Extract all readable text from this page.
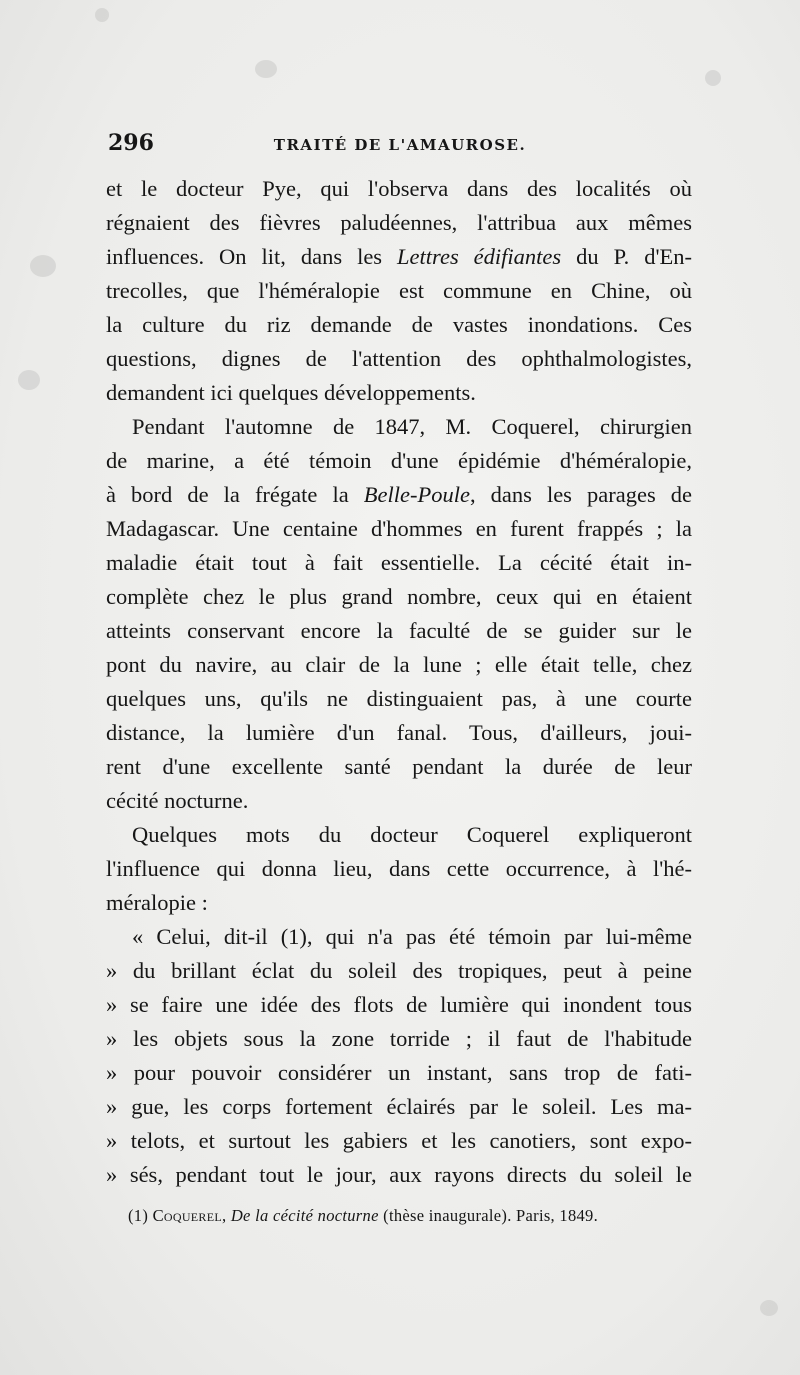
296	TRAITÉ DE L'AMAUROSE.
et le docteur Pye, qui l'observa dans des localités où
régnaient des fièvres paludéennes, l'attribua aux mêmes
influences. On lit, dans les Lettres édifiantes du P. d'En-
trecolles, que l'héméralopie est commune en Chine, où
la culture du riz demande de vastes inondations. Ces
questions, dignes de l'attention des ophthalmologistes,
demandent ici quelques développements.
Pendant l'automne de 1847, M. Coquerel, chirurgien
de marine, a été témoin d'une épidémie d'héméralopie,
à bord de la frégate la Belle-Poule, dans les parages de
Madagascar. Une centaine d'hommes en furent frappés ; la
maladie était tout à fait essentielle. La cécité était in-
complète chez le plus grand nombre, ceux qui en étaient
atteints conservant encore la faculté de se guider sur le
pont du navire, au clair de la lune ; elle était telle, chez
quelques uns, qu'ils ne distinguaient pas, à une courte
distance, la lumière d'un fanal. Tous, d'ailleurs, joui-
rent d'une excellente santé pendant la durée de leur
cécité nocturne.
Quelques mots du docteur Coquerel expliqueront
l'influence qui donna lieu, dans cette occurrence, à l'hé-
méralopie :
« Celui, dit-il (1), qui n'a pas été témoin par lui-même
» du brillant éclat du soleil des tropiques, peut à peine
» se faire une idée des flots de lumière qui inondent tous
» les objets sous la zone torride ; il faut de l'habitude
» pour pouvoir considérer un instant, sans trop de fati-
» gue, les corps fortement éclairés par le soleil. Les ma-
» telots, et surtout les gabiers et les canotiers, sont expo-
» sés, pendant tout le jour, aux rayons directs du soleil le
(1) Coquerel, De la cécité nocturne (thèse inaugurale). Paris, 1849.
